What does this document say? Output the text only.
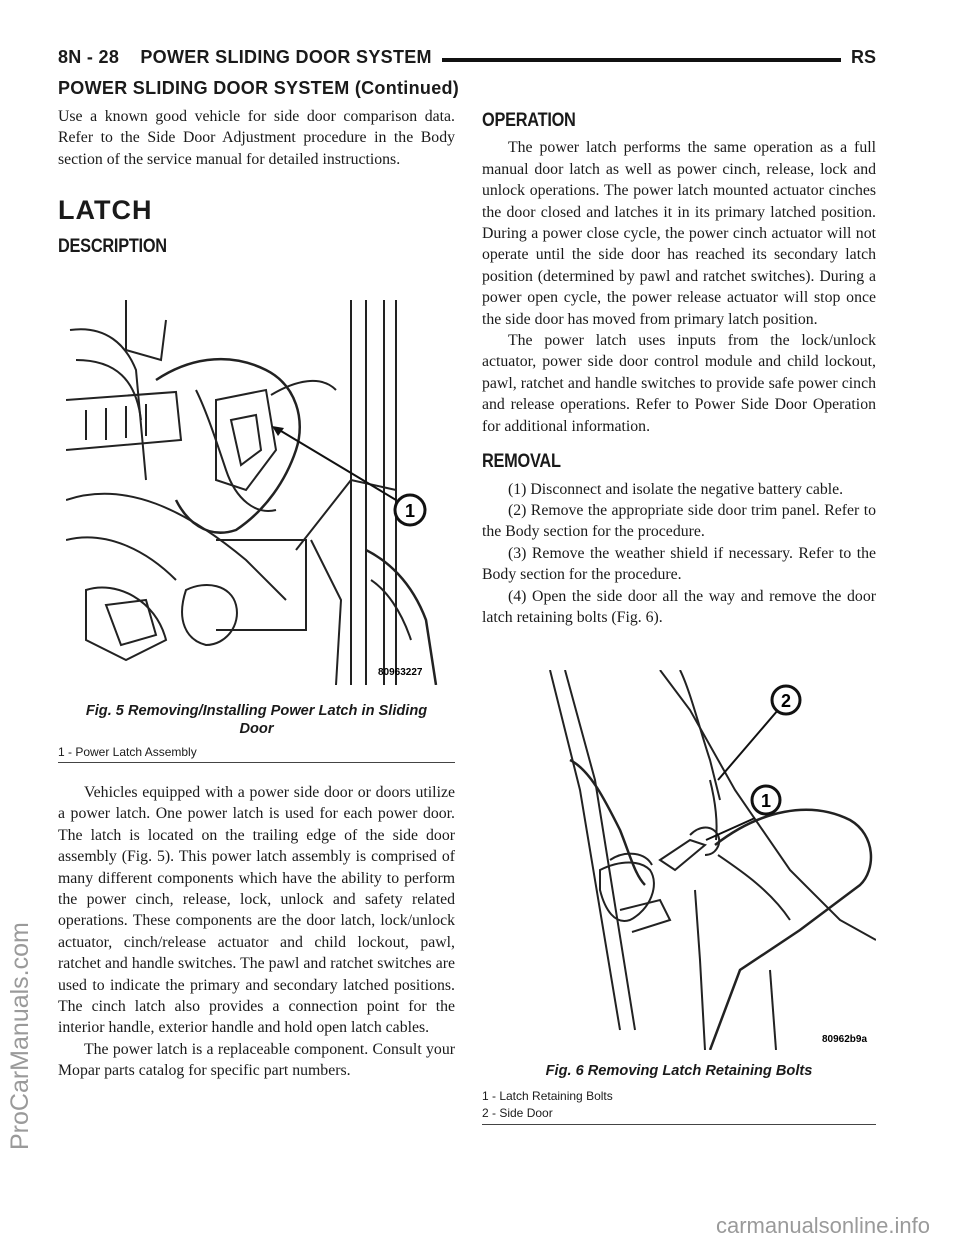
8N - 28    POWER SLIDING DOOR SYSTEM	RS
POWER SLIDING DOOR SYSTEM (Continued)

Use a known good vehicle for side door comparison data. Refer to the Side Door Adjustment procedure in the Body section of the service manual for detailed instructions.

LATCH
DESCRIPTION
1
80963227
Fig. 5 Removing/Installing Power Latch in Sliding
Door
1 - Power Latch Assembly

Vehicles equipped with a power side door or doors utilize a power latch. One power latch is used for each power door. The latch is located on the trailing edge of the side door assembly (Fig. 5). This power latch assembly is comprised of many different components which have the ability to perform the power cinch, release, lock, unlock and safety related operations. These components are the door latch, lock/unlock actuator, cinch/release actuator and child lockout, pawl, ratchet and handle switches. The pawl and ratchet switches are used to indicate the primary and secondary latched positions. The cinch latch also provides a connection point for the interior handle, exterior handle and hold open latch cables.

The power latch is a replaceable component. Consult your Mopar parts catalog for specific part numbers.

OPERATION

The power latch performs the same operation as a full manual door latch as well as power cinch, release, lock and unlock operations. The power latch mounted actuator cinches the door closed and latches it in its primary latched position. During a power close cycle, the power cinch actuator will not operate until the side door has reached its secondary latch position (determined by pawl and ratchet switches). During a power open cycle, the power release actuator will stop once the side door has moved from primary latch position.

The power latch uses inputs from the lock/unlock actuator, power side door control module and child lockout, pawl, ratchet and handle switches to provide safe power cinch and release operations. Refer to Power Side Door Operation for additional information.

REMOVAL

(1) Disconnect and isolate the negative battery cable.

(2) Remove the appropriate side door trim panel. Refer to the Body section for the procedure.

(3) Remove the weather shield if necessary. Refer to the Body section for the procedure.

(4) Open the side door all the way and remove the door latch retaining bolts (Fig. 6).

2
1
80962b9a
Fig. 6 Removing Latch Retaining Bolts
1 - Latch Retaining Bolts
2 - Side Door
ProCarManuals.com
carmanualsonline.info
